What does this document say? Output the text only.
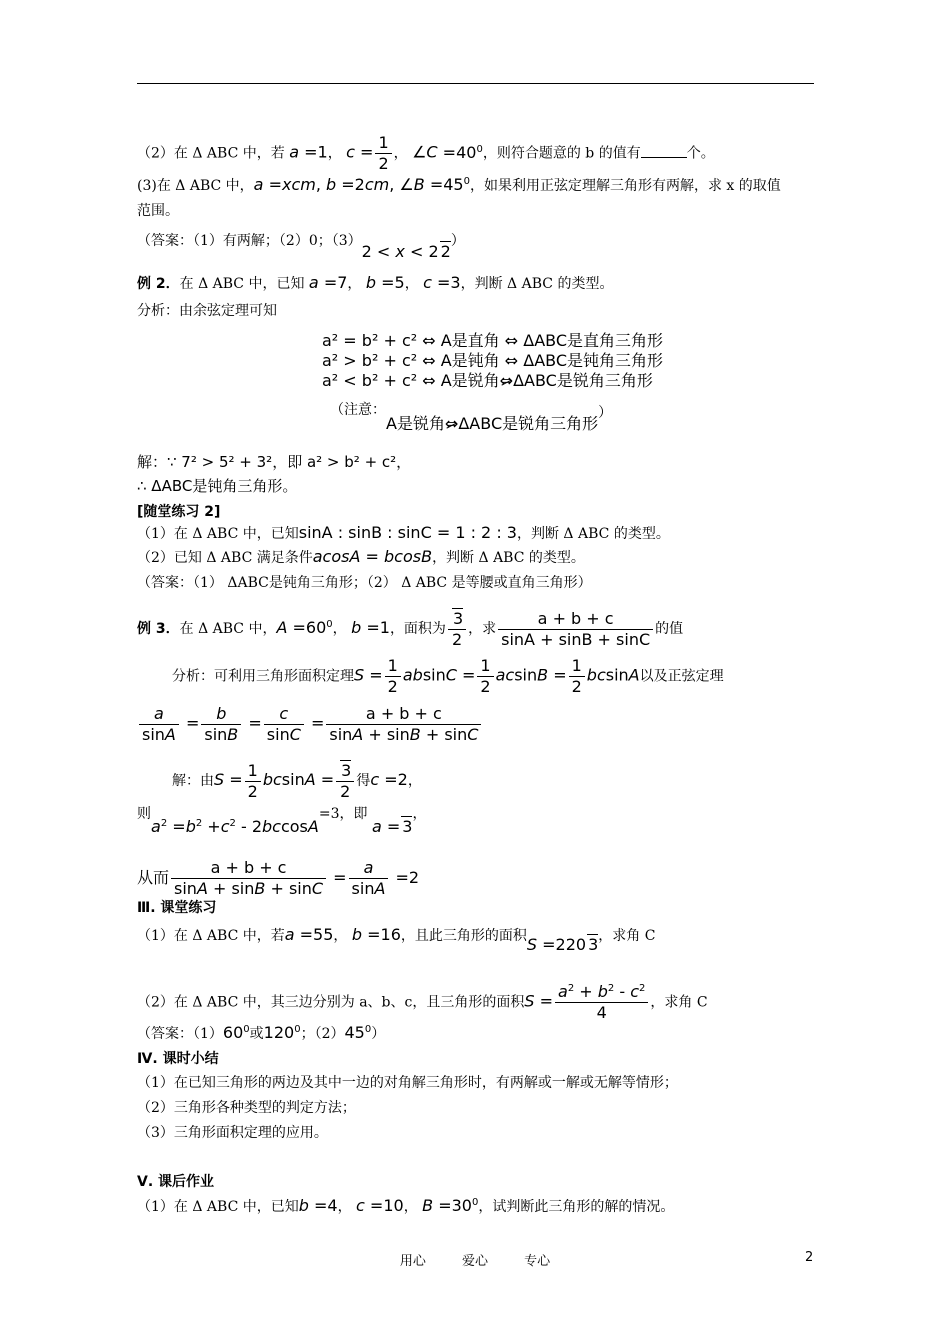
（2）在 Δ ABC 中，若 a =1， $c = \frac{1}{2}$ ， ∠C $=40^0$，则符合题意的 b 的值有	个。
(3)在 Δ ABC 中，a =xcm, b =2cm, ∠B $=45^0$，如果利用正弦定理解三角形有两解，求 x 的取值
范围。
（答案：（1）有两解；（2）0；（3）2 < x < 2 2）
例 2．在 Δ ABC 中，已知 a =7， b =5， c =3，判断 Δ ABC 的类型。
分析：由余弦定理可知
a² = b² + c² ⇔ A是直角 ⇔ ΔABC是直角三角形
a² > b² + c² ⇔ A是钝角 ⇔ ΔABC是钝角三角形
a² < b² + c² ⇔ A是锐角⇔ΔABC是锐角三角形
（注意：
A是锐角⇔ΔABC是锐角三角形）
解：∵ 7² > 5² + 3²，即 a² > b² + c²，
∴ ΔABC是钝角三角形。
[随堂练习 2]
（1）在 Δ ABC 中，已知sinA : sinB : sinC = 1 : 2 : 3，判断 Δ ABC 的类型。
（2）已知 Δ ABC 满足条件acosA = bcosB，判断 Δ ABC 的类型。
（答案：（1） ΔABC是钝角三角形；（2） Δ ABC 是等腰或直角三角形）
例 3．在 Δ ABC 中，$A =60^0$， b =1，面积为 $\frac{3}{2}$ ，求 $\frac{a + b + c}{\sin A + \sin B + \sin C}$ 的值
分析：可利用三角形面积定理$S = \frac{1}{2}$ $absinC = \frac{1}{2}$ $acsinB = \frac{1}{2}$ bcsinA以及正弦定理
$\frac{a}{\sin A} = \frac{b}{\sin B} = \frac{c}{\sin C} = \frac{a + b + c}{\sin A + \sin B + \sin C}$
解：由$S = \frac{1}{2}$ $bcsinA = \frac{3}{2}$ 得c =2，
则$a^2 =b^2 +c^2 - 2bccosA=3$，即 a = 3，
从而 $\frac{a + b + c}{\sin A + \sin B + \sin C} = \frac{a}{\sin A} =2$
Ⅲ. 课堂练习
（1）在 Δ ABC 中，若a =55， b =16，且此三角形的面积S =220 3，求角 C
（2）在 Δ ABC 中，其三边分别为 a、b、c，且三角形的面积$S = \frac{a^2 + b^2 - c^2}{4}$ ，求角 C
（答案：$(1)60^0$或$120^0$；$(2)45^0$）
Ⅳ. 课时小结
（1）在已知三角形的两边及其中一边的对角解三角形时，有两解或一解或无解等情形；
（2）三角形各种类型的判定方法；
（3）三角形面积定理的应用。
Ⅴ. 课后作业
（1）在 Δ ABC 中，已知b =4， c =10， $B =30^0$，试判断此三角形的解的情况。
用心	爱心	专心	2
